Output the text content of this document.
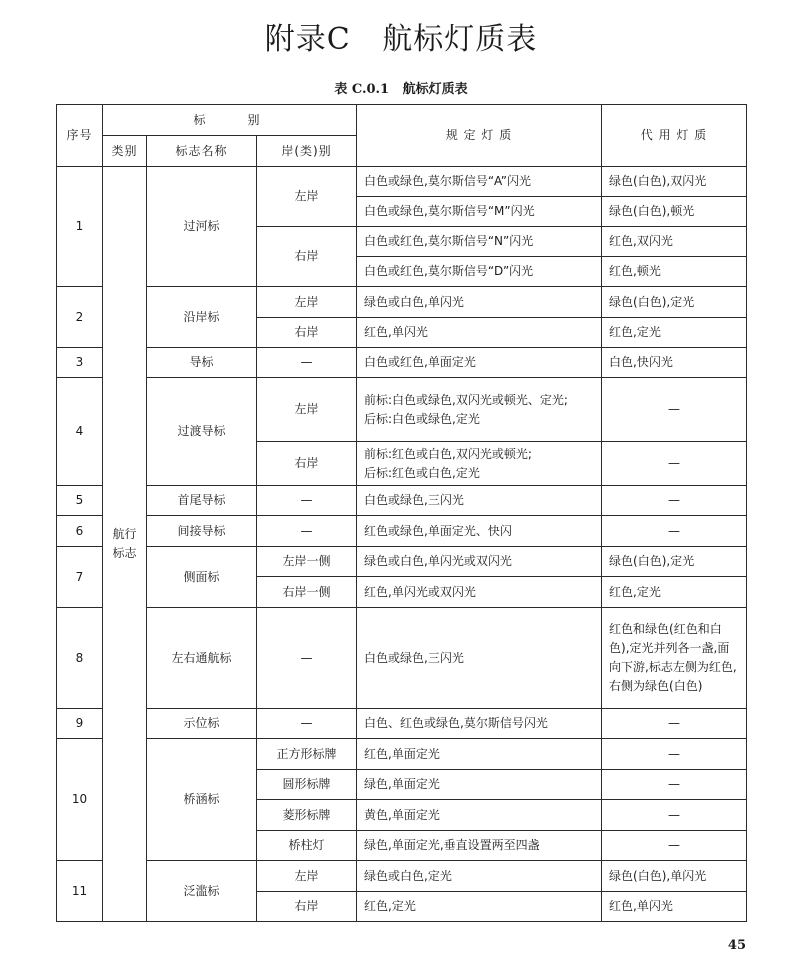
附录C   航标灯质表
表 C.0.1   航标灯质表
序号	标　　别			规 定 灯 质	代 用 灯 质
	类别	标志名称	岸(类)别		
1	航行标志	过河标	左岸	白色或绿色,莫尔斯信号“A”闪光	绿色(白色),双闪光
				白色或绿色,莫尔斯信号“M”闪光	绿色(白色),顿光
			右岸	白色或红色,莫尔斯信号“N”闪光	红色,双闪光
				白色或红色,莫尔斯信号“D”闪光	红色,顿光
2		沿岸标	左岸	绿色或白色,单闪光	绿色(白色),定光
			右岸	红色,单闪光	红色,定光
3		导标	—	白色或红色,单面定光	白色,快闪光
4		过渡导标	左岸	前标:白色或绿色,双闪光或顿光、定光;
后标:白色或绿色,定光	—
			右岸	前标:红色或白色,双闪光或顿光;
后标:红色或白色,定光	—
5		首尾导标	—	白色或绿色,三闪光	—
6		间接导标	—	红色或绿色,单面定光、快闪	—
7		侧面标	左岸一侧	绿色或白色,单闪光或双闪光	绿色(白色),定光
			右岸一侧	红色,单闪光或双闪光	红色,定光
8		左右通航标	—	白色或绿色,三闪光	红色和绿色(红色和白色),定光并列各一盏,面向下游,标志左侧为红色,右侧为绿色(白色)
9		示位标	—	白色、红色或绿色,莫尔斯信号闪光	—
10		桥涵标	正方形标牌	红色,单面定光	—
			圆形标牌	绿色,单面定光	—
			菱形标牌	黄色,单面定光	—
			桥柱灯	绿色,单面定光,垂直设置两至四盏	—
11		泛滥标	左岸	绿色或白色,定光	绿色(白色),单闪光
			右岸	红色,定光	红色,单闪光
45
